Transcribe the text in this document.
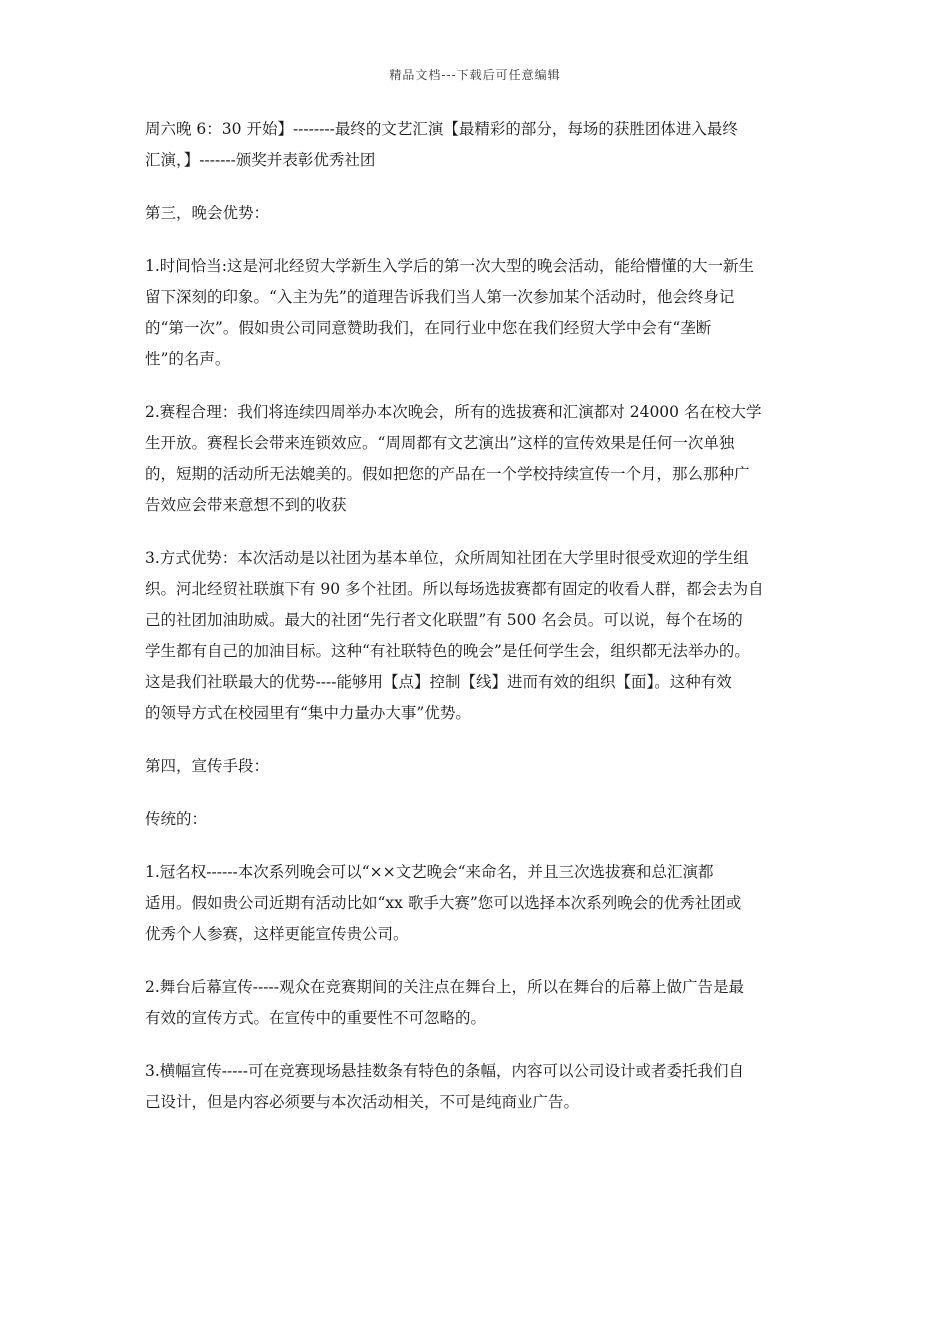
精品文档---下载后可任意编辑

周六晚 6：30 开始】--------最终的文艺汇演【最精彩的部分，每场的获胜团体进入最终
汇演，】-------颁奖并表彰优秀社团

第三，晚会优势：

1.时间恰当:这是河北经贸大学新生入学后的第一次大型的晚会活动，能给懵懂的大一新生
留下深刻的印象。“入主为先”的道理告诉我们当人第一次参加某个活动时，他会终身记
的“第一次”。假如贵公司同意赞助我们，在同行业中您在我们经贸大学中会有“垄断
性”的名声。

2.赛程合理：我们将连续四周举办本次晚会，所有的选拔赛和汇演都对 24000 名在校大学
生开放。赛程长会带来连锁效应。“周周都有文艺演出”这样的宣传效果是任何一次单独
的，短期的活动所无法媲美的。假如把您的产品在一个学校持续宣传一个月，那么那种广
告效应会带来意想不到的收获

3.方式优势：本次活动是以社团为基本单位，众所周知社团在大学里时很受欢迎的学生组
织。河北经贸社联旗下有 90 多个社团。所以每场选拔赛都有固定的收看人群，都会去为自
己的社团加油助威。最大的社团“先行者文化联盟”有 500 名会员。可以说，每个在场的
学生都有自己的加油目标。这种“有社联特色的晚会”是任何学生会，组织都无法举办的。
这是我们社联最大的优势----能够用【点】控制【线】进而有效的组织【面】。这种有效
的领导方式在校园里有“集中力量办大事”优势。

第四，宣传手段：

传统的：

1.冠名权------本次系列晚会可以“××文艺晚会“来命名，并且三次选拔赛和总汇演都
适用。假如贵公司近期有活动比如“xx 歌手大赛”您可以选择本次系列晚会的优秀社团或
优秀个人参赛，这样更能宣传贵公司。

2.舞台后幕宣传-----观众在竞赛期间的关注点在舞台上，所以在舞台的后幕上做广告是最
有效的宣传方式。在宣传中的重要性不可忽略的。

3.横幅宣传-----可在竞赛现场悬挂数条有特色的条幅，内容可以公司设计或者委托我们自
己设计，但是内容必须要与本次活动相关，不可是纯商业广告。
